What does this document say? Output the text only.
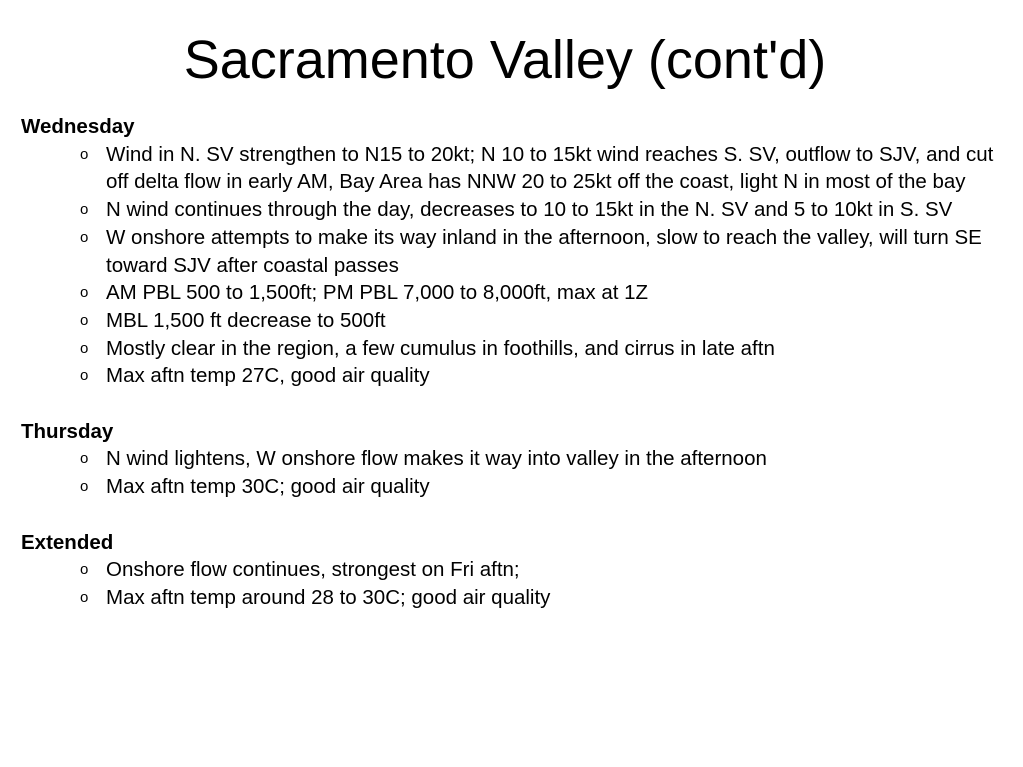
Sacramento Valley (cont'd)
Wednesday
o Wind in N. SV strengthen to N15 to 20kt; N 10 to 15kt wind reaches S. SV, outflow to SJV, and cut off delta flow in early AM, Bay Area has NNW 20 to 25kt off the coast, light N in most of the bay
o N wind continues through the day, decreases to 10 to 15kt in the N. SV and 5 to 10kt in S. SV
o W onshore attempts to make its way inland in the afternoon, slow to reach the valley, will turn SE toward SJV after coastal passes
o AM PBL 500 to 1,500ft; PM PBL 7,000 to 8,000ft, max at 1Z
o MBL 1,500 ft decrease to 500ft
o Mostly clear in the region, a few cumulus in foothills, and cirrus in late aftn
o Max aftn temp 27C, good air quality
Thursday
o N wind lightens, W onshore flow makes it way into valley in the afternoon
o Max aftn temp 30C; good air quality
Extended
o Onshore flow continues, strongest on Fri aftn;
o Max aftn temp around 28 to 30C; good air quality
